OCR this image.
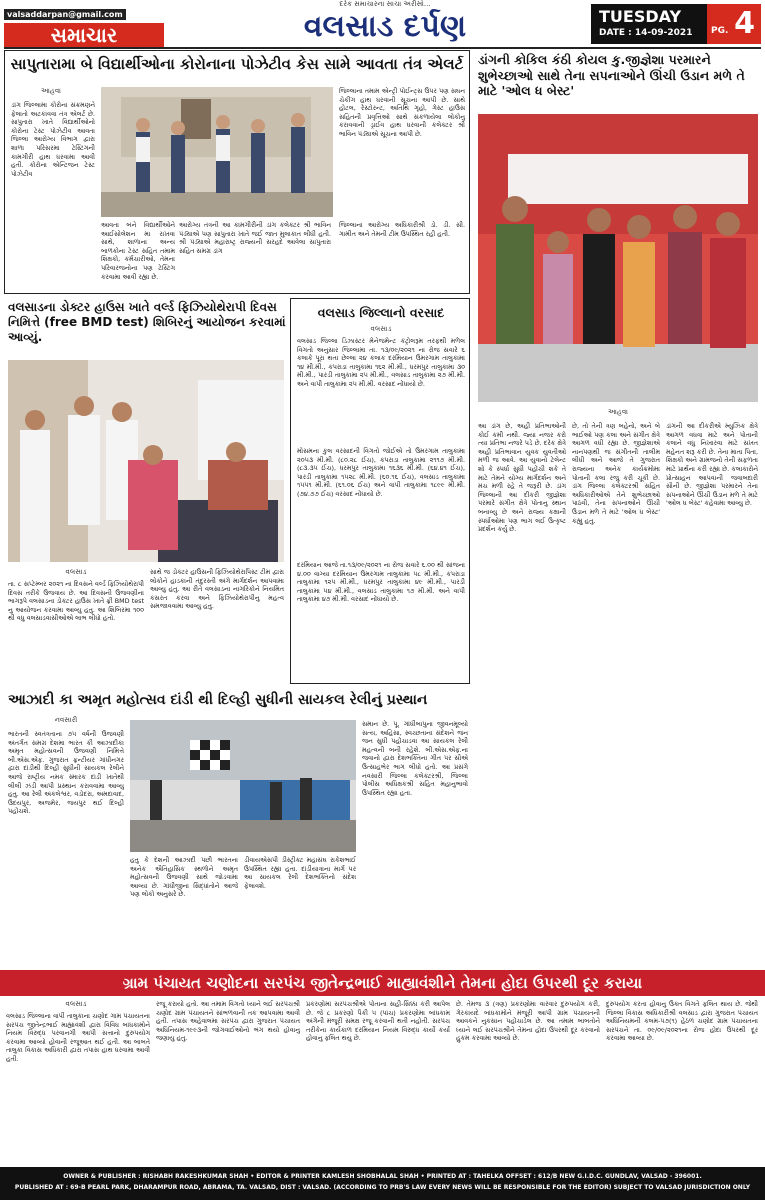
valsaddarpan@gmail.com
સમાચાર
દરેક સમાચારના સાચા અરીસો...
વલસાડ દર્પણ	TUESDAY
DATE : 14-09-2021 PG. 4
સાપુતારામા બે વિદ્યાર્થીઓના કોરોનાના પોઝેટીવ કેસ સામે આવતા તંત્ર એલર્ટ
આહવા
ડાંગ જિલ્લામા કોરોના સંક્રમણને ફેલાતો અટકાવવા તંત્ર એલર્ટ છે. સાપુતારા ખાતે વિદ્યાર્થીઓનો કોરોના ટેસ્ટ પોઝેટીવ આવતા જિલ્લા આરોગ્ય વિભાગ દ્વારા શાળા પરિસરમા ટેસ્ટિંગની કામગીરી હાથ ધરવામા આવી હતી. કોરોના એન્ટિજન ટેસ્ટ પોઝેટીવ
જિલ્લાના તમામ એન્ટ્રી પોઈન્ટ્સ ઉપર પણ સઘન ચેકીંગ હાથ ધરવાની સૂચના આપી છે. સાથે હોટલ, રેસ્ટોરન્ટ, અતિથિ ગૃહો, ગેસ્ટ હાઉસ સહિતની પ્રવૃત્તિઓ સાથે સંકળાયેલા લોકોનુ કરાવવાની ડ્રાઈવ હાથ ધરવાની કલેક્ટર શ્રી ભાવિન પંડ્યાએ સૂચના આપી છે.
આવતા બંને વિદ્યાર્થીઓને આઈસોલેશન મા રાખવા સાથે, શાળાના અન્ય બાળકોના ટેસ્ટ સહિત તમામ શિક્ષકો, કર્મચારીઓ, તેમના પરિવારજનોના પણ ટેસ્ટિંગ કરવામા આવી રહ્યા છે.
આરોગ્ય તંત્રની આ કામગીરીની ડાંગ કલેક્ટર શ્રી ભાવિન પંડ્યાએ પણ સાપુતારા ખાતે જઈ જાત મુલાકાત લીધી હતી. શ્રી પંડ્યાએ મહારાષ્ટ્ર રાજ્યની સરહદે આવેલા સાપુતારા સહિત સમગ્ર ડાંગ
જિલ્લાના આરોગ્ય અધિકારીશ્રી ડો. ડી. સી. ગામીત અને તેમની ટીમ ઉપસ્થિત રહી હતી.
ડાંગની કોકિલ કંઠી કોયલ કુ.જીજ્ઞેશા પરમારને શુભેચ્છાઓ સાથે તેના સપનાઓને ઊંચી ઉડાન મળે તે માટે 'ઓલ ધ બેસ્ટ'
આહવા
આ ડાંગ છે, અહી પ્રતિભાઓની કોઈ કમી નથી. જ્યા નજર કરો ત્યા પ્રતિભા નજરે પડે છે. દરેક ક્ષેત્રે અહી પ્રતિભાવાન યુવક યુવતીઓ મળી જ આવે. આ યુવાનો ટેલેન્ટ શો કે સ્પર્ધા સુધી પહોંચી શકે તે માટે તેમને યોગ્ય માર્ગદર્શન અને મંચ મળી રહે તે જરૂરી છે. ડાંગ જિલ્લાની આ દીકરી જીજ્ઞેશા પરમારે સંગીત ક્ષેત્રે પોતાનુ સ્થાન બનાવ્યુ છે અને રાજ્ય કક્ષાની સ્પર્ધાઓમા પણ ભાગ લઈ ઉત્કૃષ્ટ પ્રદર્શન કર્યુ છે.
છે, તો તેની ત્રણ બહેનો, અને બે ભાઈઓ પણ કલા અને સંગીત ક્ષેત્રે આગળ વધી રહ્યા છે. જીજ્ઞેશાએ નાનપણથી જ સંગીતની તાલીમ લીધી અને આજે તે ગુજરાત રાજ્યના અનેક કાર્યક્રમોમા પોતાની કલા રજુ કરી ચૂકી છે. ડાંગ જિલ્લા કલેક્ટરશ્રી સહિત અધિકારીઓએ તેને શુભેચ્છાઓ પાઠવી, તેના સપનાઓને ઊંચી ઉડાન મળે તે માટે 'ઓલ ધ બેસ્ટ' કહ્યુ હતુ.
ડાંગની આ દીકરીએ મ્યુઝિક ક્ષેત્રે આગળ વધવા માટે અને પોતાની કલાને વધુ નિખારવા માટે સખત મહેનત શરૂ કરી છે. તેના માતા પિતા, શિક્ષકો અને ગ્રામજનો તેની સફળતા માટે પ્રાર્થના કરી રહ્યા છે. કલાકારોને પ્રોત્સાહન આપવાની જવાબદારી સૌની છે. જીજ્ઞેશા પરમારને તેના સપનાઓને ઊંચી ઉડાન મળે તે માટે 'ઓલ ધ બેસ્ટ' કહેવામા આવ્યુ છે.
વલસાડના ડોક્ટર હાઉસ ખાતે વર્લ્ડ ફિઝિયોથેરાપી દિવસ નિમિત્તે (free BMD test) શિબિરનું આયોજન કરવામાં આવ્યું.
વલસાડ
તા. ૮ સપ્ટેમ્બર ૨૦૨૧ ના દિવસને વર્લ્ડ ફિઝિયોથેરાપી દિવસ તરીકે ઉજવાય છે. આ દિવસની ઉજવણીના ભાગરૂપે વલસાડના ડોક્ટર હાઉસ ખાતે ફ્રી BMD test નુ આયોજન કરવામા આવ્યુ હતુ. આ શિબિરમા ૧૦૦ થી વધુ વલસાડવાસીઓએ લાભ લીધો હતો.
સાથે જ ડોક્ટર હાઉસની ફિઝિયોથેરાપિસ્ટ ટીમ દ્વારા લોકોને હાડકાની તંદુરસ્તી અંગે માર્ગદર્શન આપવામા આવ્યુ હતુ. આ રીતે વલસાડના નાગરિકોને નિયમિત કસરત કરવા અને ફિઝિયોથેરાપીનુ મહત્વ સમજાવવામા આવ્યુ હતુ.
વલસાડ જિલ્લાનો વરસાદ
વલસાડ
વલસાડ જિલ્લા ડિઝાસ્ટર મેનેજમેન્ટ કંટ્રોલરૂમ તરફથી મળેલ વિગતો અનુસાર જિલ્લામા તા. ૧૩/૦૯/૨૦૨૧ ના રોજ સવારે ૬ કલાકે પૂરા થતા છેલ્લા ૨૪ કલાક દરમિયાન ઉમરગામ તાલુકામા ૧૪ મી.મી., કપરાડા તાલુકામા ૧૬૨ મી.મી., ધરમપુર તાલુકામા ૩૦ મી.મી., પારડી તાલુકામા ૨૫ મી.મી., વલસાડ તાલુકામા ૨૭ મી.મી. અને વાપી તાલુકામા ૨૫ મી.મી. વરસાદ નોંધાયો છે.
મોસમના કુલ વરસાદની વિગતો જોઈએ તો ઉમરગામ તાલુકામા ૨૦૫૩ મી.મી. (૮૦.૨૮ ઈંચ), કપરાડા તાલુકામા ૨૧૧૭ મી.મી. (૮૩.૩૫ ઈંચ), ધરમપુર તાલુકામા ૧૬૩૬ મી.મી. (૬૪.૪૧ ઈંચ), પારડી તાલુકામા ૧૫૨૮ મી.મી. (૬૦.૧૬ ઈંચ), વલસાડ તાલુકામા ૧૫૫૧ મી.મી. (૬૧.૦૬ ઈંચ) અને વાપી તાલુકામા ૧૮૯૯ મી.મી. (૭૪.૭૭ ઈંચ) વરસાદ નોંધાયો છે.
દરમિયાન આજે તા.૧૩/૦૯/૨૦૨૧ ના રોજ સવારે ૬.૦૦ થી સાંજના ૪.૦૦ વાગ્યા દરમિયાન ઉમરગામ તાલુકામા ૫૮ મી.મી., કપરાડા તાલુકામા ૧૨૫ મી.મી., ધરમપુર તાલુકામા ૪૯ મી.મી., પારડી તાલુકામા ૫૪ મી.મી., વલસાડ તાલુકામા ૧૭ મી.મી. અને વાપી તાલુકામા ૪૭ મી.મી. વરસાદ નોંધાયો છે.
આઝાદી કા અમૃત મહોત્સવ દાંડી થી દિલ્હી સુધીની સાયકલ રેલીનું પ્રસ્થાન
નવસારી
ભારતની સ્વતંત્રતાના ૭૫ વર્ષની ઉજવણી અંતર્ગત સમગ્ર દેશમા ભારત કી આઝાદીકા અમૃત મહોત્સવની ઉજવણી નિમિત્તે બી.એસ.એફ. ગુજરાત ફ્રન્ટીયર ગાંધીનગર દ્વારા દાંડીથી દિલ્હી સુધીની સાયકલ રેલીને આજે રાષ્ટ્રીય નમક સ્મારક દાંડી ખાતેથી લીલી ઝંડી આપી પ્રસ્થાન કરાવવામા આવ્યુ હતુ. આ રેલી અંકલેશ્વર, વડોદરા, અમદાવાદ, ઉદયપુર, અજમેર, જયપુર થઈ દિલ્હી પહોંચશે.
સમાન છે. પૂ. ગાંધીબાપુના જીવનમૂલ્યો સત્ય, અહિંસા, સ્વચ્છતાના સંદેશને જન જન સુધી પહોંચાડવા આ સાયકલ રેલી મહત્વની બની રહેશે. બી.એસ.એફ.ના જવાનો દ્વારા દેશભક્તિના ગીત પર સૌએ ઉત્સાહભેર ભાગ લીધો હતો. આ પ્રસંગે નવસારી જિલ્લા કલેક્ટરશ્રી, જિલ્લા પોલીસ અધિક્ષકશ્રી સહિત મહાનુભાવો ઉપસ્થિત રહ્યા હતા.
હતુ કે દેશની આઝાદી પછી ભારતના અનેક ઐતિહાસિક સ્થળોને અમૃત મહોત્સવની ઉજવણી સાથે જોડવામા આવ્યા છે. ગાંધીજીના સિદ્ધાંતોને આજે પણ લોકો અનુસરે છે.
ડીવાયએસપી ડીસ્ટ્રીક્ટ મહાસંઘ રાકેશભાઈ ઉપસ્થિત રહ્યા હતા. દાંડીયાત્રાના માર્ગ પર આ સાયકલ રેલી દેશભક્તિનો સંદેશ ફેલાવશે.
ગ્રામ પંચાયત ચણોદના સરપંચ જીતેન્દ્રભાઈ માહ્યાવંશીને તેમના હોદા ઉપરથી દૂર કરાયા
વલસાડ
વલસાડ જિલ્લાના વાપી તાલુકાના ચણોદ ગામ પંચાયતના સરપંચ જીતેન્દ્રભાઈ માહ્યાવંશી દ્વારા વિવિધ બાંધકામોને નિયમ વિરુદ્ધ પરવાનગી આપી સત્તાનો દુરુપયોગ કરવામા આવ્યો હોવાની રજૂઆત થઈ હતી. આ બાબતે તાલુકા વિકાસ અધિકારી દ્વારા તપાસ હાથ ધરવામા આવી હતી.
રજૂ કરાયો હતો. આ તમામ વિગતો ધ્યાને લઈ સરપંચશ્રી ચણોદ ગ્રામ પંચાયતને સાંભળવાની તક આપવામા આવી હતી. તપાસ અહેવાલમા સરપંચ દ્વારા ગુજરાત પંચાયત અધિનિયમ-૧૯૯૩ની જોગવાઈઓનો ભંગ થયો હોવાનુ જણાયુ હતુ.
પ્રકરણોમાં સરપંચશ્રીએ પોતાના સહી-સિક્કા કરી આપેલ છે. જે ૮ પ્રકરણો પૈકી ૫ (પાંચ) પ્રકરણોમા બાંધકામ અંગેની મંજૂરી સમક્ષ રજૂ કરવાની થતી નહોતી. સરપંચ તરીકેના કાર્યકાળ દરમિયાન નિયમ વિરુદ્ધ કાર્યો કર્યા હોવાનુ ફલિત થયુ છે.
છે. તેમજ ૩ (ત્રણ) પ્રકરણોમા વારંવાર દુરુપયોગ કરી, ગેરકાયદે બાંધકામોને મંજૂરી આપી ગ્રામ પંચાયતની આવકને નુકસાન પહોંચાડેલ છે. આ તમામ બાબતોને ધ્યાને લઈ સરપંચશ્રીને તેમના હોદા ઉપરથી દૂર કરવાનો હુકમ કરવામા આવ્યો છે.
દુરુપયોગ કરતા હોવાનુ ઉક્ત વિગતે ફલિત થાય છે. જેથી જિલ્લા વિકાસ અધિકારીશ્રી વલસાડ દ્વારા ગુજરાત પંચાયત અધિનિયમની કલમ-૫૭(૧) હેઠળ ચણોદ ગ્રામ પંચાયતના સરપંચને તા. ૦૯/૦૯/૨૦૨૧ના રોજ હોદા ઉપરથી દૂર કરવામા આવ્યા છે.
OWNER & PUBLISHER : RISHABH RAKESHKUMAR SHAH • EDITOR & PRINTER KAMLESH SHOBHALAL SHAH • PRINTED AT : TAHELKA OFFSET : 612/B NEW G.I.D.C. GUNDLAV, VALSAD - 396001.
PUBLISHED AT : 69-B PEARL PARK, DHARAMPUR ROAD, ABRAMA, TA. VALSAD, DIST : VALSAD. (ACCORDING TO PRB'S LAW EVERY NEWS WILL BE RESPONSIBLE FOR THE EDITOR) SUBJECT TO VALSAD JURISDICTION ONLY
